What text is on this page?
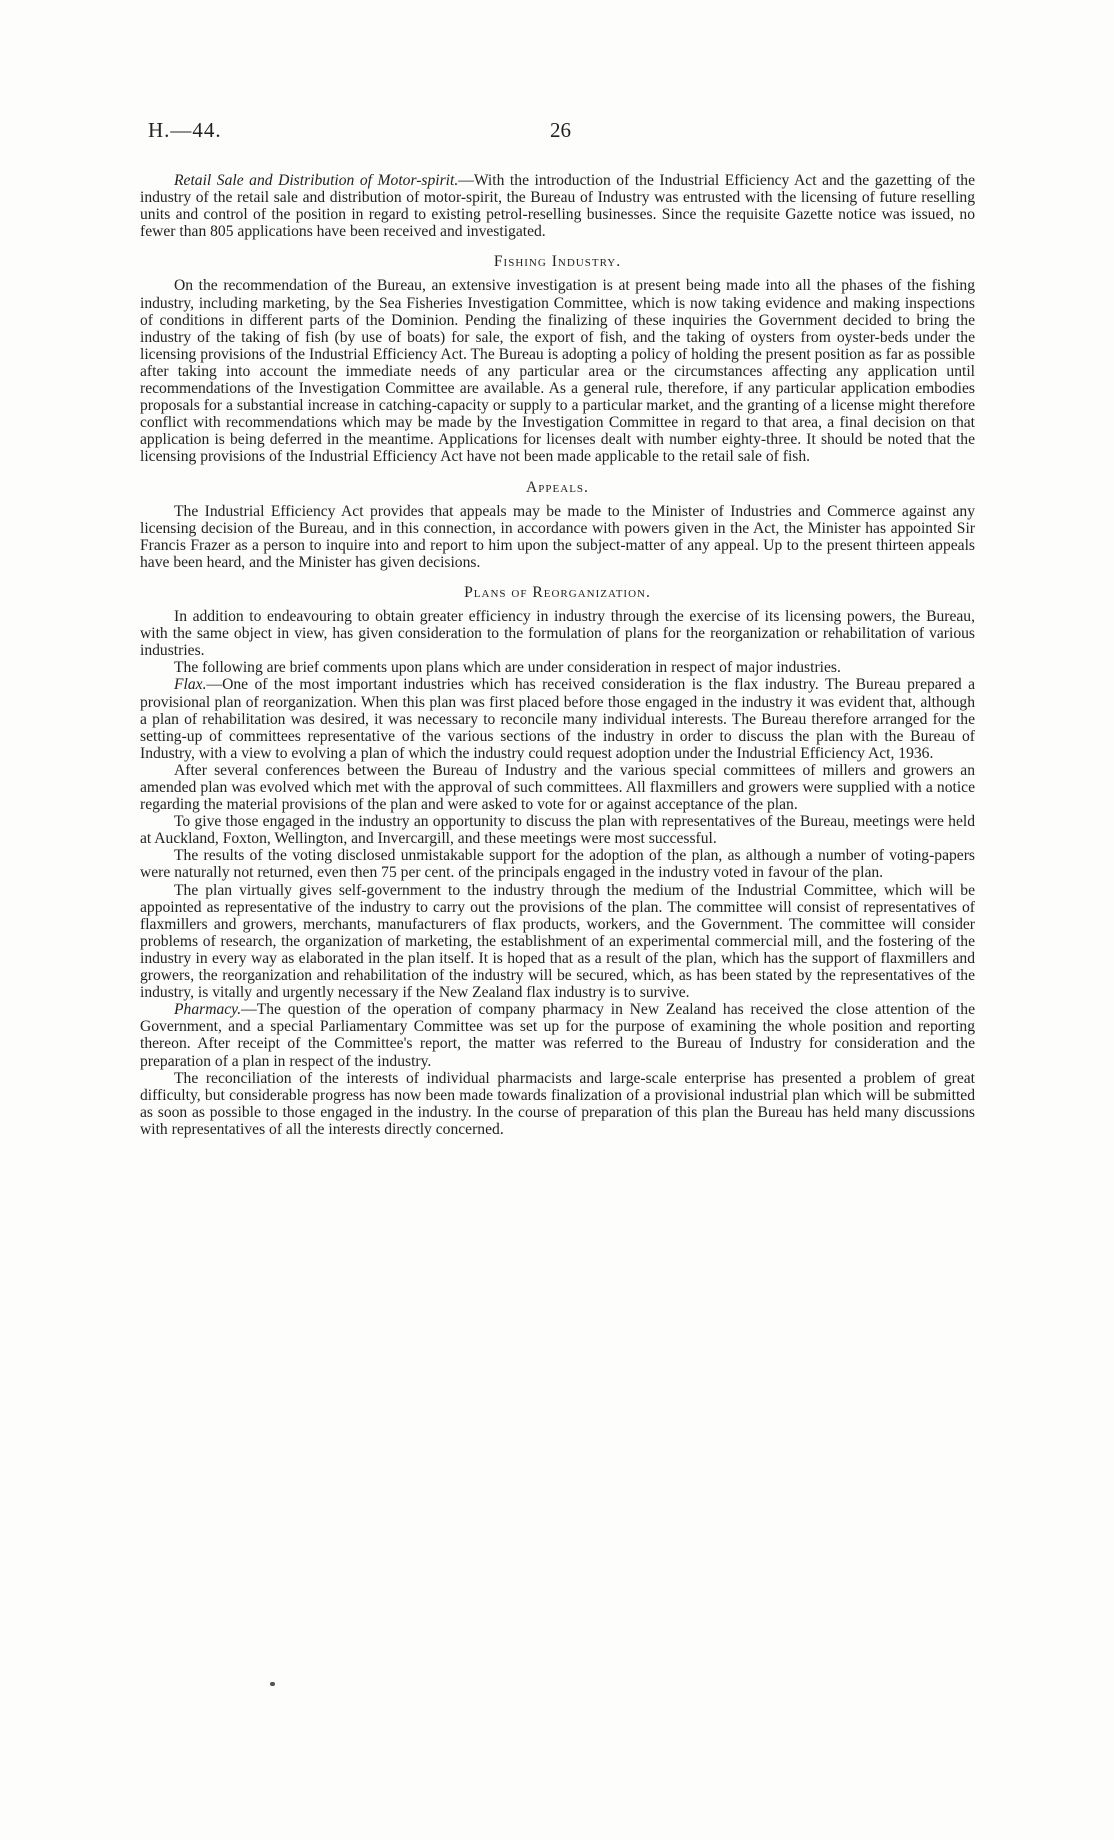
H.—44.	26

Retail Sale and Distribution of Motor-spirit.—With the introduction of the Industrial Efficiency Act and the gazetting of the industry of the retail sale and distribution of motor-spirit, the Bureau of Industry was entrusted with the licensing of future reselling units and control of the position in regard to existing petrol-reselling businesses. Since the requisite Gazette notice was issued, no fewer than 805 applications have been received and investigated.

Fishing Industry.

On the recommendation of the Bureau, an extensive investigation is at present being made into all the phases of the fishing industry, including marketing, by the Sea Fisheries Investigation Committee, which is now taking evidence and making inspections of conditions in different parts of the Dominion. Pending the finalizing of these inquiries the Government decided to bring the industry of the taking of fish (by use of boats) for sale, the export of fish, and the taking of oysters from oyster-beds under the licensing provisions of the Industrial Efficiency Act. The Bureau is adopting a policy of holding the present position as far as possible after taking into account the immediate needs of any particular area or the circumstances affecting any application until recommendations of the Investigation Committee are available. As a general rule, therefore, if any particular application embodies proposals for a substantial increase in catching-capacity or supply to a particular market, and the granting of a license might therefore conflict with recommendations which may be made by the Investigation Committee in regard to that area, a final decision on that application is being deferred in the meantime. Applications for licenses dealt with number eighty-three. It should be noted that the licensing provisions of the Industrial Efficiency Act have not been made applicable to the retail sale of fish.

Appeals.

The Industrial Efficiency Act provides that appeals may be made to the Minister of Industries and Commerce against any licensing decision of the Bureau, and in this connection, in accordance with powers given in the Act, the Minister has appointed Sir Francis Frazer as a person to inquire into and report to him upon the subject-matter of any appeal. Up to the present thirteen appeals have been heard, and the Minister has given decisions.

Plans of Reorganization.

In addition to endeavouring to obtain greater efficiency in industry through the exercise of its licensing powers, the Bureau, with the same object in view, has given consideration to the formulation of plans for the reorganization or rehabilitation of various industries.

The following are brief comments upon plans which are under consideration in respect of major industries.

Flax.—One of the most important industries which has received consideration is the flax industry. The Bureau prepared a provisional plan of reorganization. When this plan was first placed before those engaged in the industry it was evident that, although a plan of rehabilitation was desired, it was necessary to reconcile many individual interests. The Bureau therefore arranged for the setting-up of committees representative of the various sections of the industry in order to discuss the plan with the Bureau of Industry, with a view to evolving a plan of which the industry could request adoption under the Industrial Efficiency Act, 1936.

After several conferences between the Bureau of Industry and the various special committees of millers and growers an amended plan was evolved which met with the approval of such committees. All flaxmillers and growers were supplied with a notice regarding the material provisions of the plan and were asked to vote for or against acceptance of the plan.

To give those engaged in the industry an opportunity to discuss the plan with representatives of the Bureau, meetings were held at Auckland, Foxton, Wellington, and Invercargill, and these meetings were most successful.

The results of the voting disclosed unmistakable support for the adoption of the plan, as although a number of voting-papers were naturally not returned, even then 75 per cent. of the principals engaged in the industry voted in favour of the plan.

The plan virtually gives self-government to the industry through the medium of the Industrial Committee, which will be appointed as representative of the industry to carry out the provisions of the plan. The committee will consist of representatives of flaxmillers and growers, merchants, manufacturers of flax products, workers, and the Government. The committee will consider problems of research, the organization of marketing, the establishment of an experimental commercial mill, and the fostering of the industry in every way as elaborated in the plan itself. It is hoped that as a result of the plan, which has the support of flaxmillers and growers, the reorganization and rehabilitation of the industry will be secured, which, as has been stated by the representatives of the industry, is vitally and urgently necessary if the New Zealand flax industry is to survive.

Pharmacy.—The question of the operation of company pharmacy in New Zealand has received the close attention of the Government, and a special Parliamentary Committee was set up for the purpose of examining the whole position and reporting thereon. After receipt of the Committee's report, the matter was referred to the Bureau of Industry for consideration and the preparation of a plan in respect of the industry.

The reconciliation of the interests of individual pharmacists and large-scale enterprise has presented a problem of great difficulty, but considerable progress has now been made towards finalization of a provisional industrial plan which will be submitted as soon as possible to those engaged in the industry. In the course of preparation of this plan the Bureau has held many discussions with representatives of all the interests directly concerned.
